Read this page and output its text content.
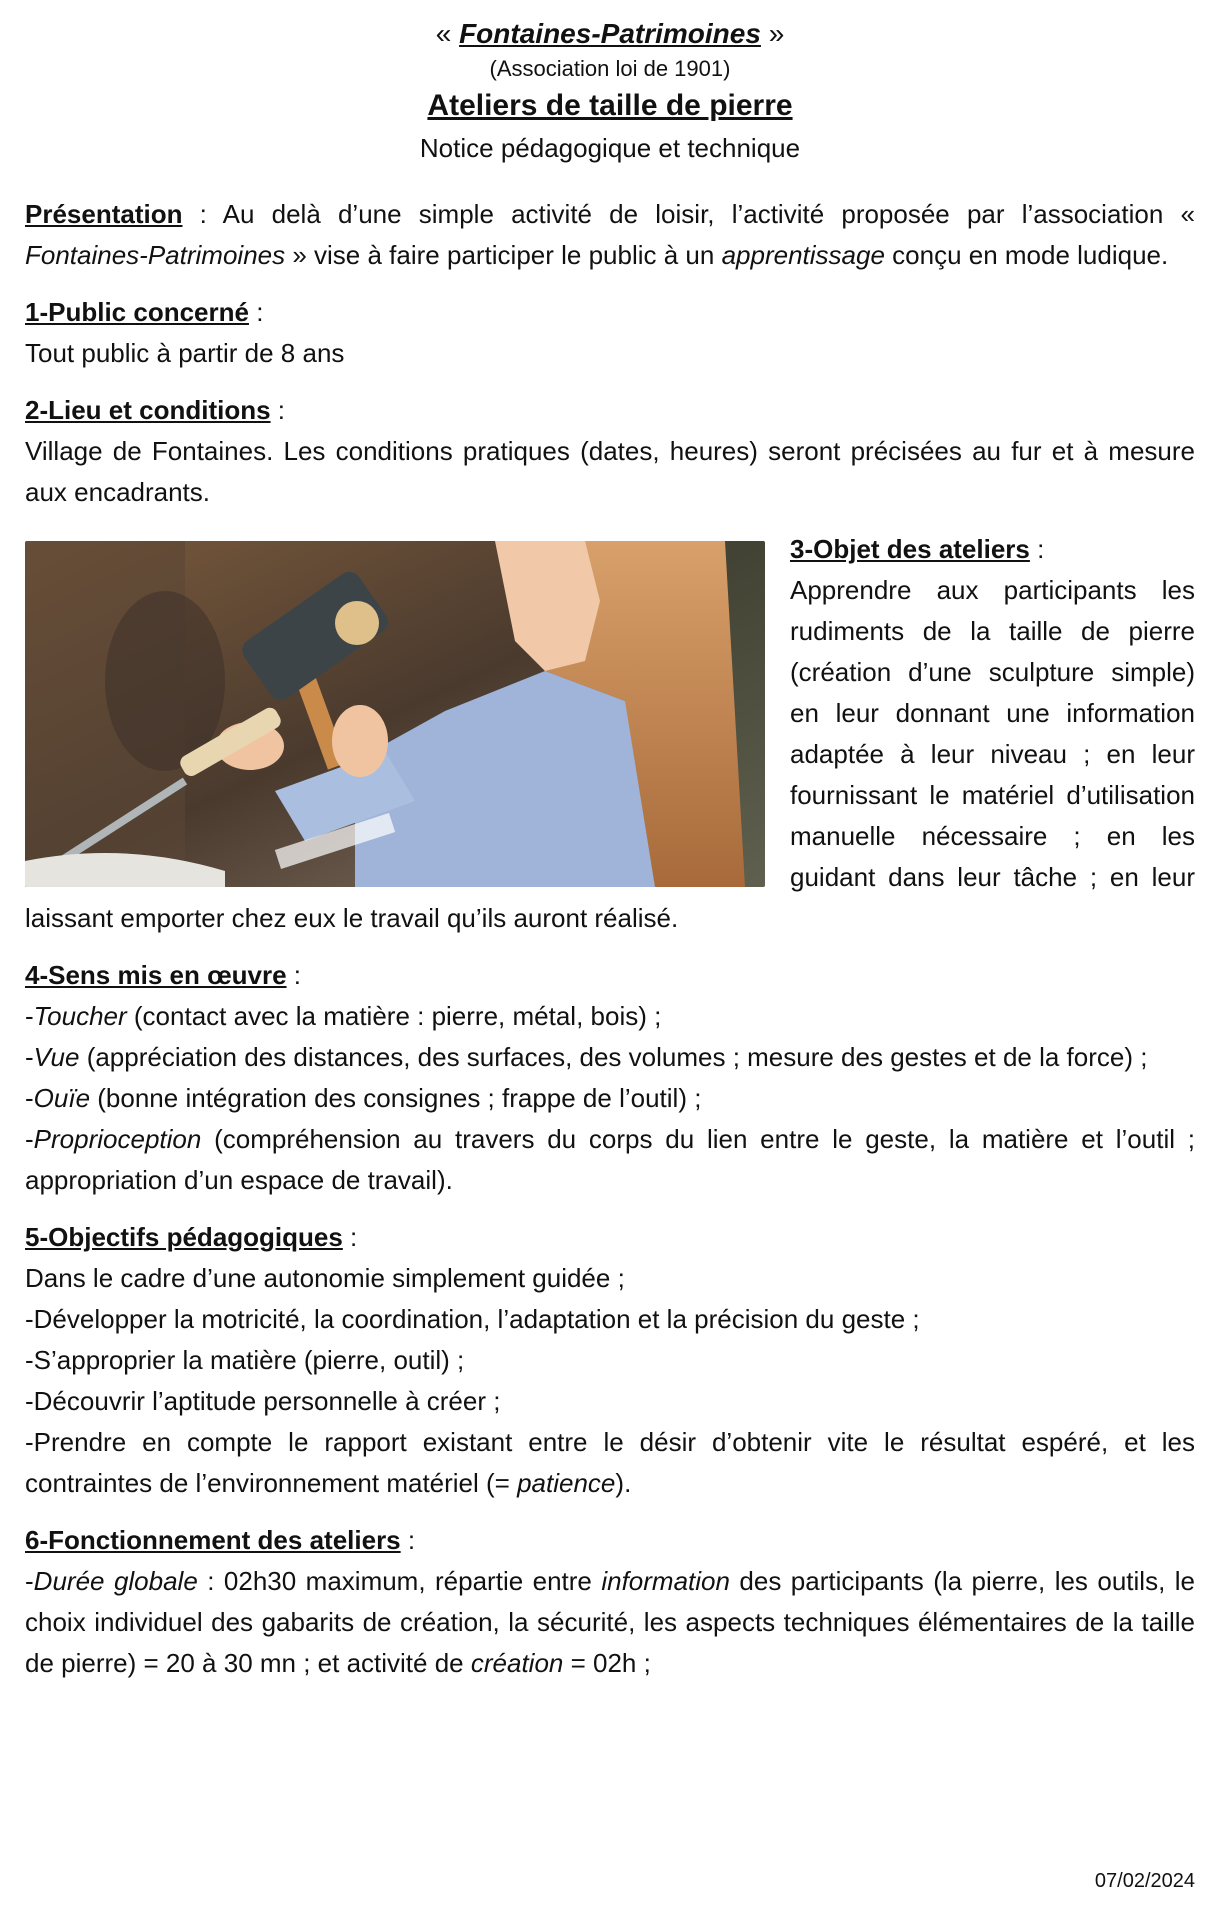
« Fontaines-Patrimoines »
(Association loi de 1901)
Ateliers de taille de pierre
Notice pédagogique et technique

Présentation : Au delà d’une simple activité de loisir, l’activité proposée par l’association « Fontaines-Patrimoines » vise à faire participer le public à un apprentissage conçu en mode ludique.

1-Public concerné :

Tout public à partir de 8 ans

2-Lieu et conditions :

Village de Fontaines. Les conditions pratiques (dates, heures) seront précisées au fur et à mesure aux encadrants.

3-Objet des ateliers :

Apprendre aux participants les rudiments de la taille de pierre (création d’une sculpture simple) en leur donnant une information adaptée à leur niveau ; en leur fournissant le matériel d’utilisation manuelle nécessaire ; en les guidant dans leur tâche ; en leur laissant emporter chez eux le travail qu’ils auront réalisé.

4-Sens mis en œuvre :

-Toucher (contact avec la matière : pierre, métal, bois) ;

-Vue (appréciation des distances, des surfaces, des volumes ; mesure des gestes et de la force) ;

-Ouïe (bonne intégration des consignes ; frappe de l’outil) ;

-Proprioception (compréhension au travers du corps du lien entre le geste, la matière et l’outil ; appropriation d’un espace de travail).

5-Objectifs pédagogiques :

Dans le cadre d’une autonomie simplement guidée ;

-Développer la motricité, la coordination, l’adaptation et la précision du geste ;

-S’approprier la matière (pierre, outil) ;

-Découvrir l’aptitude personnelle à créer ;

-Prendre en compte le rapport existant entre le désir d’obtenir vite le résultat espéré, et les contraintes de l’environnement matériel (= patience).

6-Fonctionnement des ateliers :

-Durée globale : 02h30 maximum, répartie entre information des participants (la pierre, les outils, le choix individuel des gabarits de création, la sécurité, les aspects techniques élémentaires de la taille de pierre) = 20 à 30 mn ; et activité de création = 02h ;

07/02/2024
